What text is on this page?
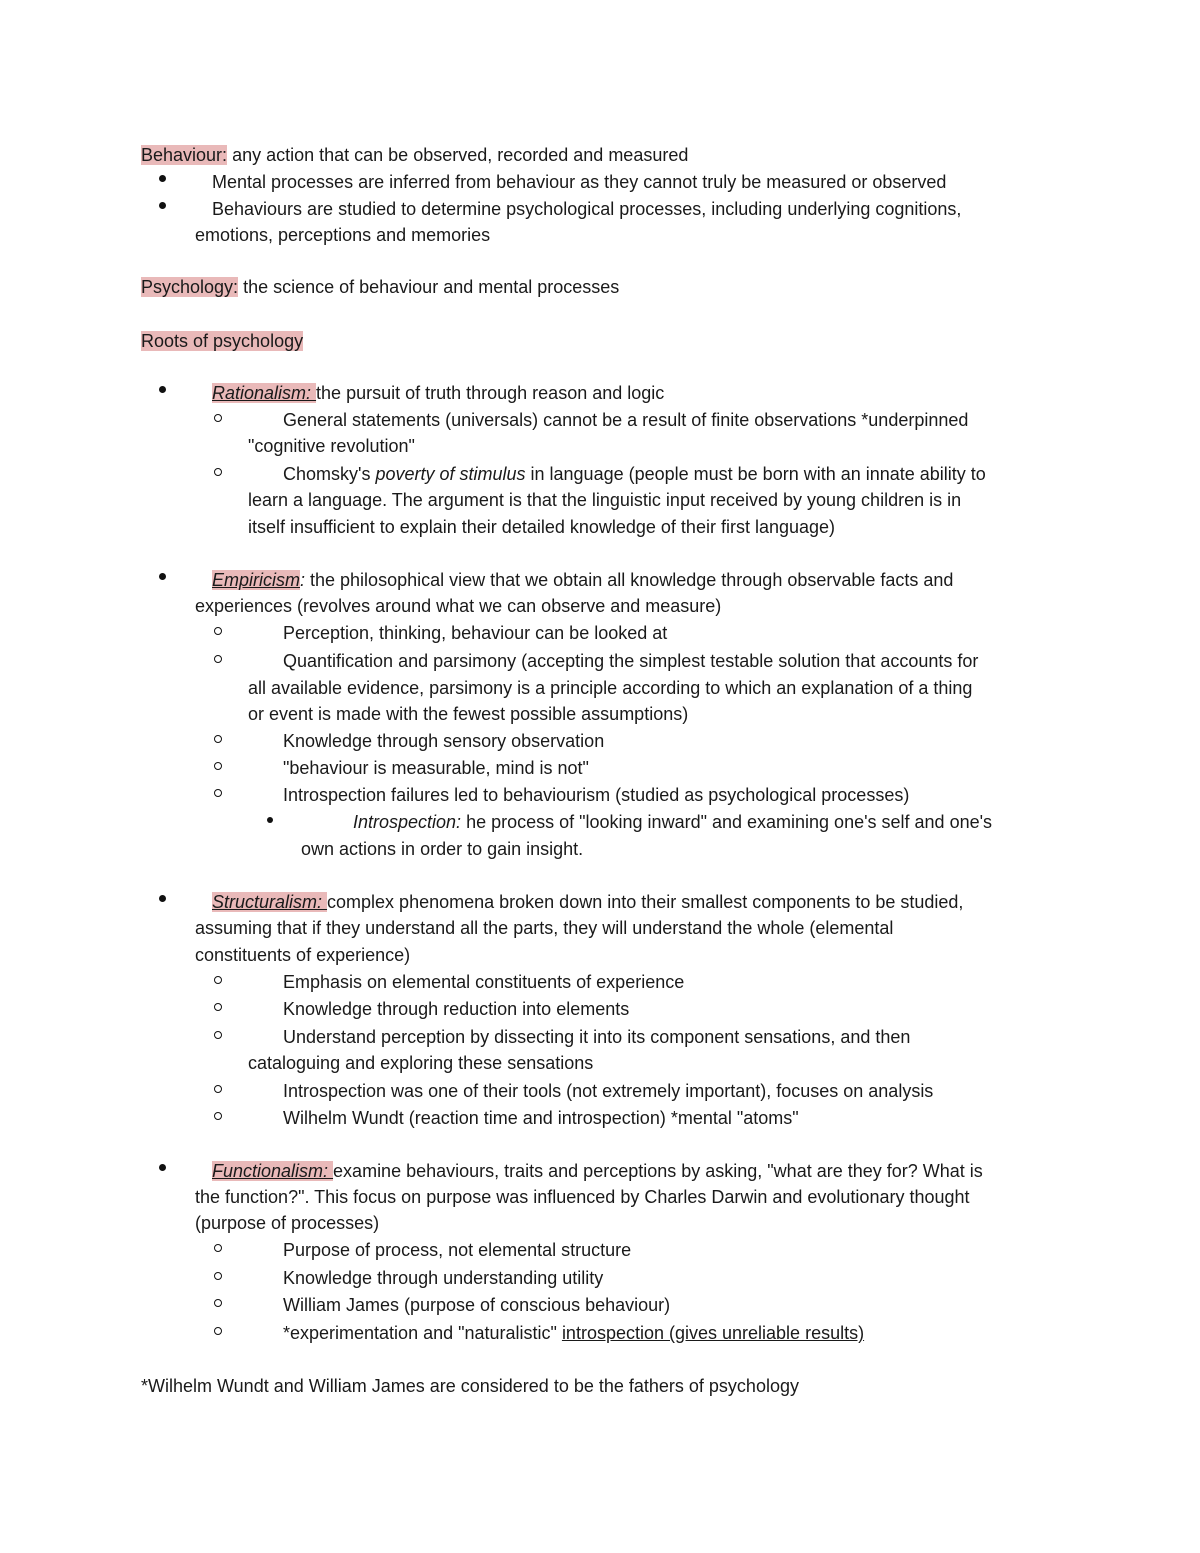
Behaviour: any action that can be observed, recorded and measured
Mental processes are inferred from behaviour as they cannot truly be measured or observed
Behaviours are studied to determine psychological processes, including underlying cognitions,
emotions, perceptions and memories
Psychology: the science of behaviour and mental processes
Roots of psychology
Rationalism: the pursuit of truth through reason and logic
General statements (universals) cannot be a result of finite observations *underpinned
"cognitive revolution"
Chomsky's poverty of stimulus in language (people must be born with an innate ability to
learn a language. The argument is that the linguistic input received by young children is in
itself insufficient to explain their detailed knowledge of their first language)
Empiricism: the philosophical view that we obtain all knowledge through observable facts and
experiences (revolves around what we can observe and measure)
Perception, thinking, behaviour can be looked at
Quantification and parsimony (accepting the simplest testable solution that accounts for
all available evidence, parsimony is a principle according to which an explanation of a thing
or event is made with the fewest possible assumptions)
Knowledge through sensory observation
"behaviour is measurable, mind is not"
Introspection failures led to behaviourism (studied as psychological processes)
Introspection: he process of "looking inward" and examining one's self and one's
own actions in order to gain insight.
Structuralism: complex phenomena broken down into their smallest components to be studied,
assuming that if they understand all the parts, they will understand the whole (elemental
constituents of experience)
Emphasis on elemental constituents of experience
Knowledge through reduction into elements
Understand perception by dissecting it into its component sensations, and then
cataloguing and exploring these sensations
Introspection was one of their tools (not extremely important), focuses on analysis
Wilhelm Wundt (reaction time and introspection) *mental "atoms"
Functionalism: examine behaviours, traits and perceptions by asking, "what are they for? What is
the function?". This focus on purpose was influenced by Charles Darwin and evolutionary thought
(purpose of processes)
Purpose of process, not elemental structure
Knowledge through understanding utility
William James (purpose of conscious behaviour)
*experimentation and "naturalistic" introspection (gives unreliable results)
*Wilhelm Wundt and William James are considered to be the fathers of psychology
